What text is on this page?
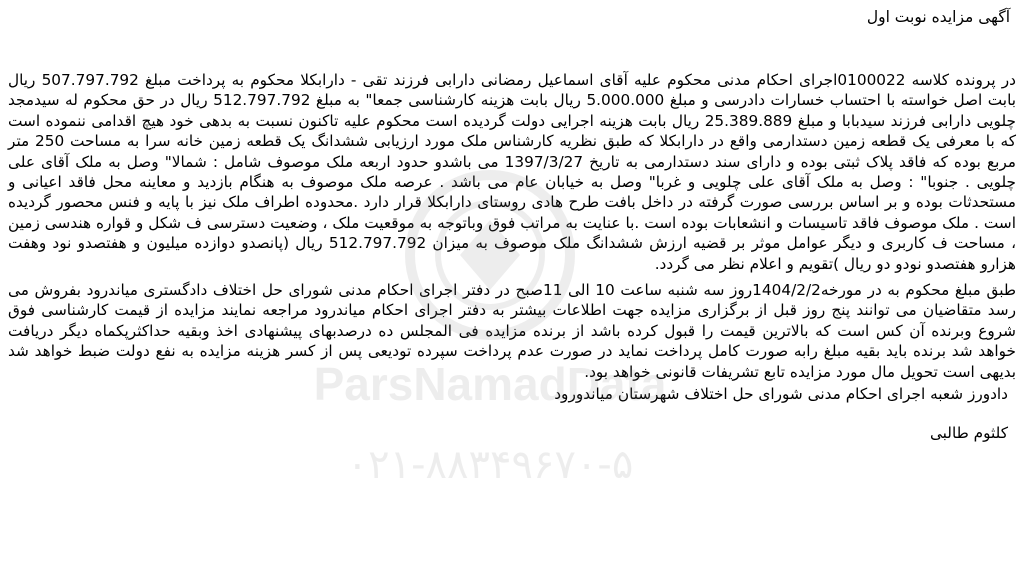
آگهی مزایده نوبت اول

در پرونده کلاسه 0100022اجرای احکام مدنی محکوم علیه آقای اسماعیل رمضانی دارابی فرزند تقی - دارابکلا محکوم به پرداخت مبلغ 507.797.792 ریال بابت اصل خواسته با احتساب خسارات دادرسی و مبلغ 5.000.000 ریال بابت هزینه کارشناسی جمعا" به مبلغ 512.797.792 ریال در حق محکوم له سیدمجد چلویی دارابی فرزند سیدبابا و مبلغ 25.389.889 ریال بابت هزینه اجرایی دولت گردیده است محکوم علیه تاکنون نسبت به بدهی خود هیچ اقدامی ننموده است که با معرفی یک قطعه زمین دستدارمی واقع در دارابکلا که طبق نظریه کارشناس ملک مورد ارزیابی ششدانگ یک قطعه زمین خانه سرا به مساحت 250 متر مربع بوده که فاقد پلاک ثبتی بوده و دارای سند دستدارمی به تاریخ 1397/3/27 می باشدو حدود اربعه ملک موصوف شامل : شمالا" وصل به ملک آقای علی چلویی . جنوبا" : وصل به ملک آقای علی چلویی و غربا" وصل به خیابان عام می باشد . عرصه ملک موصوف به هنگام بازدید و معاینه محل فاقد اعیانی و مستحدثات بوده و بر اساس بررسی صورت گرفته در داخل بافت طرح هادی روستای دارابکلا قرار دارد .محدوده اطراف ملک نیز با پایه و فنس محصور گردیده است . ملک موصوف فاقد تاسیسات و انشعابات بوده است .با عنایت به مراتب فوق وباتوجه به موقعیت ملک ، وضعیت دسترسی ف شکل و قواره هندسی زمین ، مساحت ف کاربری و دیگر عوامل موثر بر قضیه ارزش ششدانگ ملک موصوف به میزان 512.797.792 ریال (پانصدو دوازده میلیون و هفتصدو نود وهفت هزارو هفتصدو نودو دو ریال )تقویم و اعلام نظر می گردد.

طبق مبلغ محکوم به در مورخه1404/2/2روز سه شنبه ساعت 10 الی 11صبح در دفتر اجرای احکام مدنی شورای حل اختلاف دادگستری میاندرود بفروش می رسد متقاضیان می توانند پنج روز قبل از برگزاری مزایده جهت اطلاعات بیشتر به دفتر اجرای احکام میاندرود مراجعه نمایند مزایده از قیمت کارشناسی فوق شروع وبرنده آن کس است که بالاترین قیمت را قبول کرده باشد از برنده مزایده فی المجلس ده درصدبهای پیشنهادی اخذ وبقیه حداکثرپکماه دیگر دریافت خواهد شد برنده باید بقیه مبلغ رابه صورت کامل پرداخت نماید در صورت عدم پرداخت سپرده تودیعی پس از کسر هزینه مزایده به نفع دولت ضبط خواهد شد بدیهی است تحویل مال مورد مزایده تابع تشریفات قانونی خواهد بود.

دادورز شعبه اجرای احکام مدنی شورای حل اختلاف شهرستان میاندورود
کلثوم طالبی
ParsNamadData
۰۲۱-۸۸۳۴۹۶۷۰-۵
